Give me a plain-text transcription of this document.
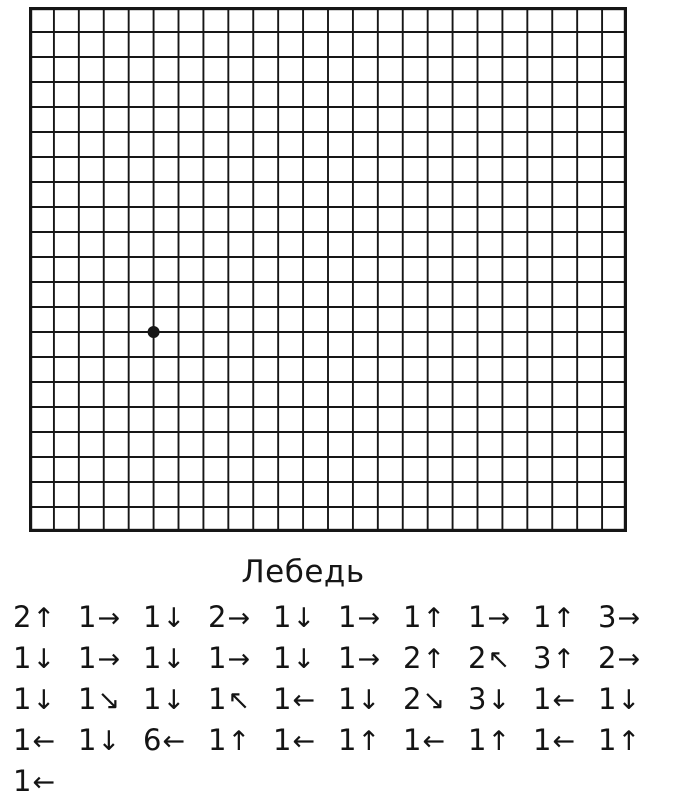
Лебедь
2↑ 1→ 1↓ 2→ 1↓ 1→ 1↑ 1→ 1↑ 3→
1↓ 1→ 1↓ 1→ 1↓ 1→ 2↑ 2↖ 3↑ 2→
1↓ 1↘ 1↓ 1↖ 1← 1↓ 2↘ 3↓ 1← 1↓
1← 1↓ 6← 1↑ 1← 1↑ 1← 1↑ 1← 1↑
1←
